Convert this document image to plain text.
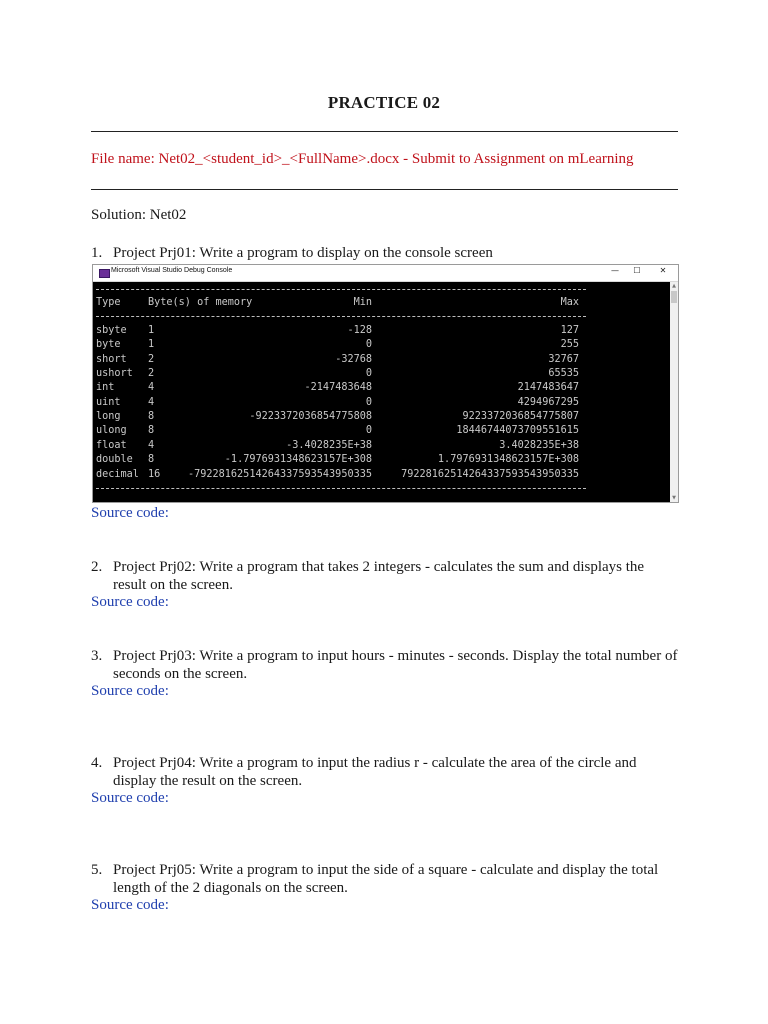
PRACTICE 02
File name: Net02_<student_id>_<FullName>.docx - Submit to Assignment on mLearning
Solution: Net02
1. Project Prj01: Write a program to display on the console screen
Microsoft Visual Studio Debug Console	—	☐	✕
Type	Byte(s) of memory	Min	Max
sbyte 1	-128	127
byte	1	0	255
short 2	-32768	32767
ushort 2	0	65535
int	4	-2147483648	2147483647
uint	4	0	4294967295
long	8	-9223372036854775808	9223372036854775807
ulong 8	0	18446744073709551615
float 4	-3.4028235E+38	3.4028235E+38
double 8	-1.7976931348623157E+308	1.7976931348623157E+308
decimal 16	-79228162514264337593543950335	79228162514264337593543950335
▲
▼
Source code:
2. Project Prj02: Write a program that takes 2 integers - calculates the sum and displays the result on the screen.
Source code:
3. Project Prj03: Write a program to input hours - minutes - seconds. Display the total number of seconds on the screen.
Source code:
4. Project Prj04: Write a program to input the radius r - calculate the area of the circle and display the result on the screen.
Source code:
5. Project Prj05: Write a program to input the side of a square - calculate and display the total length of the 2 diagonals on the screen.
Source code:
